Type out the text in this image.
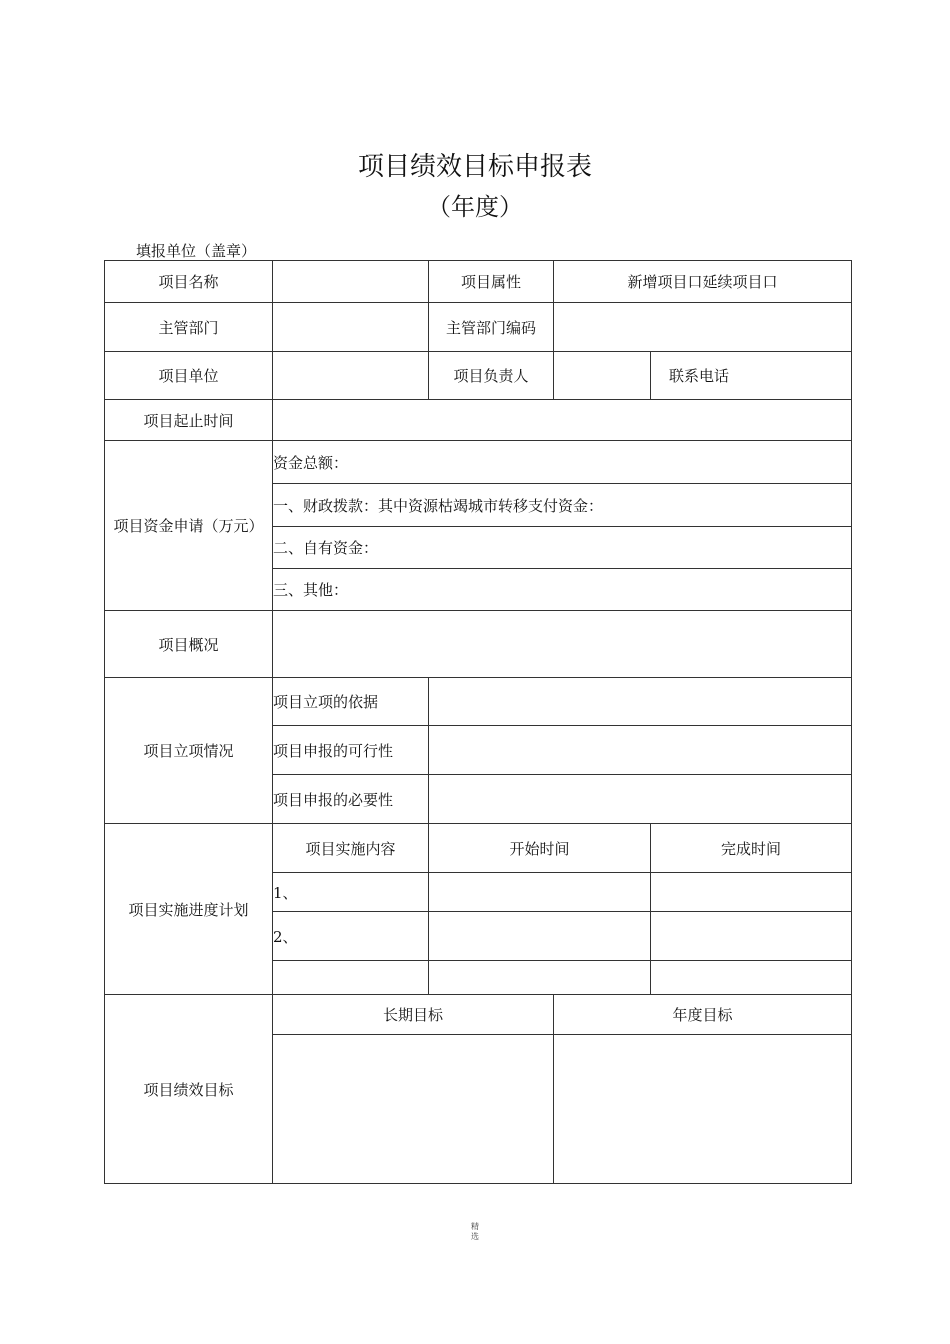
项目绩效目标申报表
（年度）
填报单位（盖章）
项目名称		项目属性	新增项目口延续项目口	
主管部门		主管部门编码		
项目单位		项目负责人		联系电话
项目起止时间				
项目资金申请（万元）	资金总额：			
	一、财政拨款：其中资源枯竭城市转移支付资金：			
	二、自有资金：			
	三、其他：			
项目概况				
项目立项情况	项目立项的依据			
	项目申报的可行性			
	项目申报的必要性			
项目实施进度计划	项目实施内容	开始时间		完成时间
	1、			
	2、			

项目绩效目标	长期目标		年度目标	

精
选
